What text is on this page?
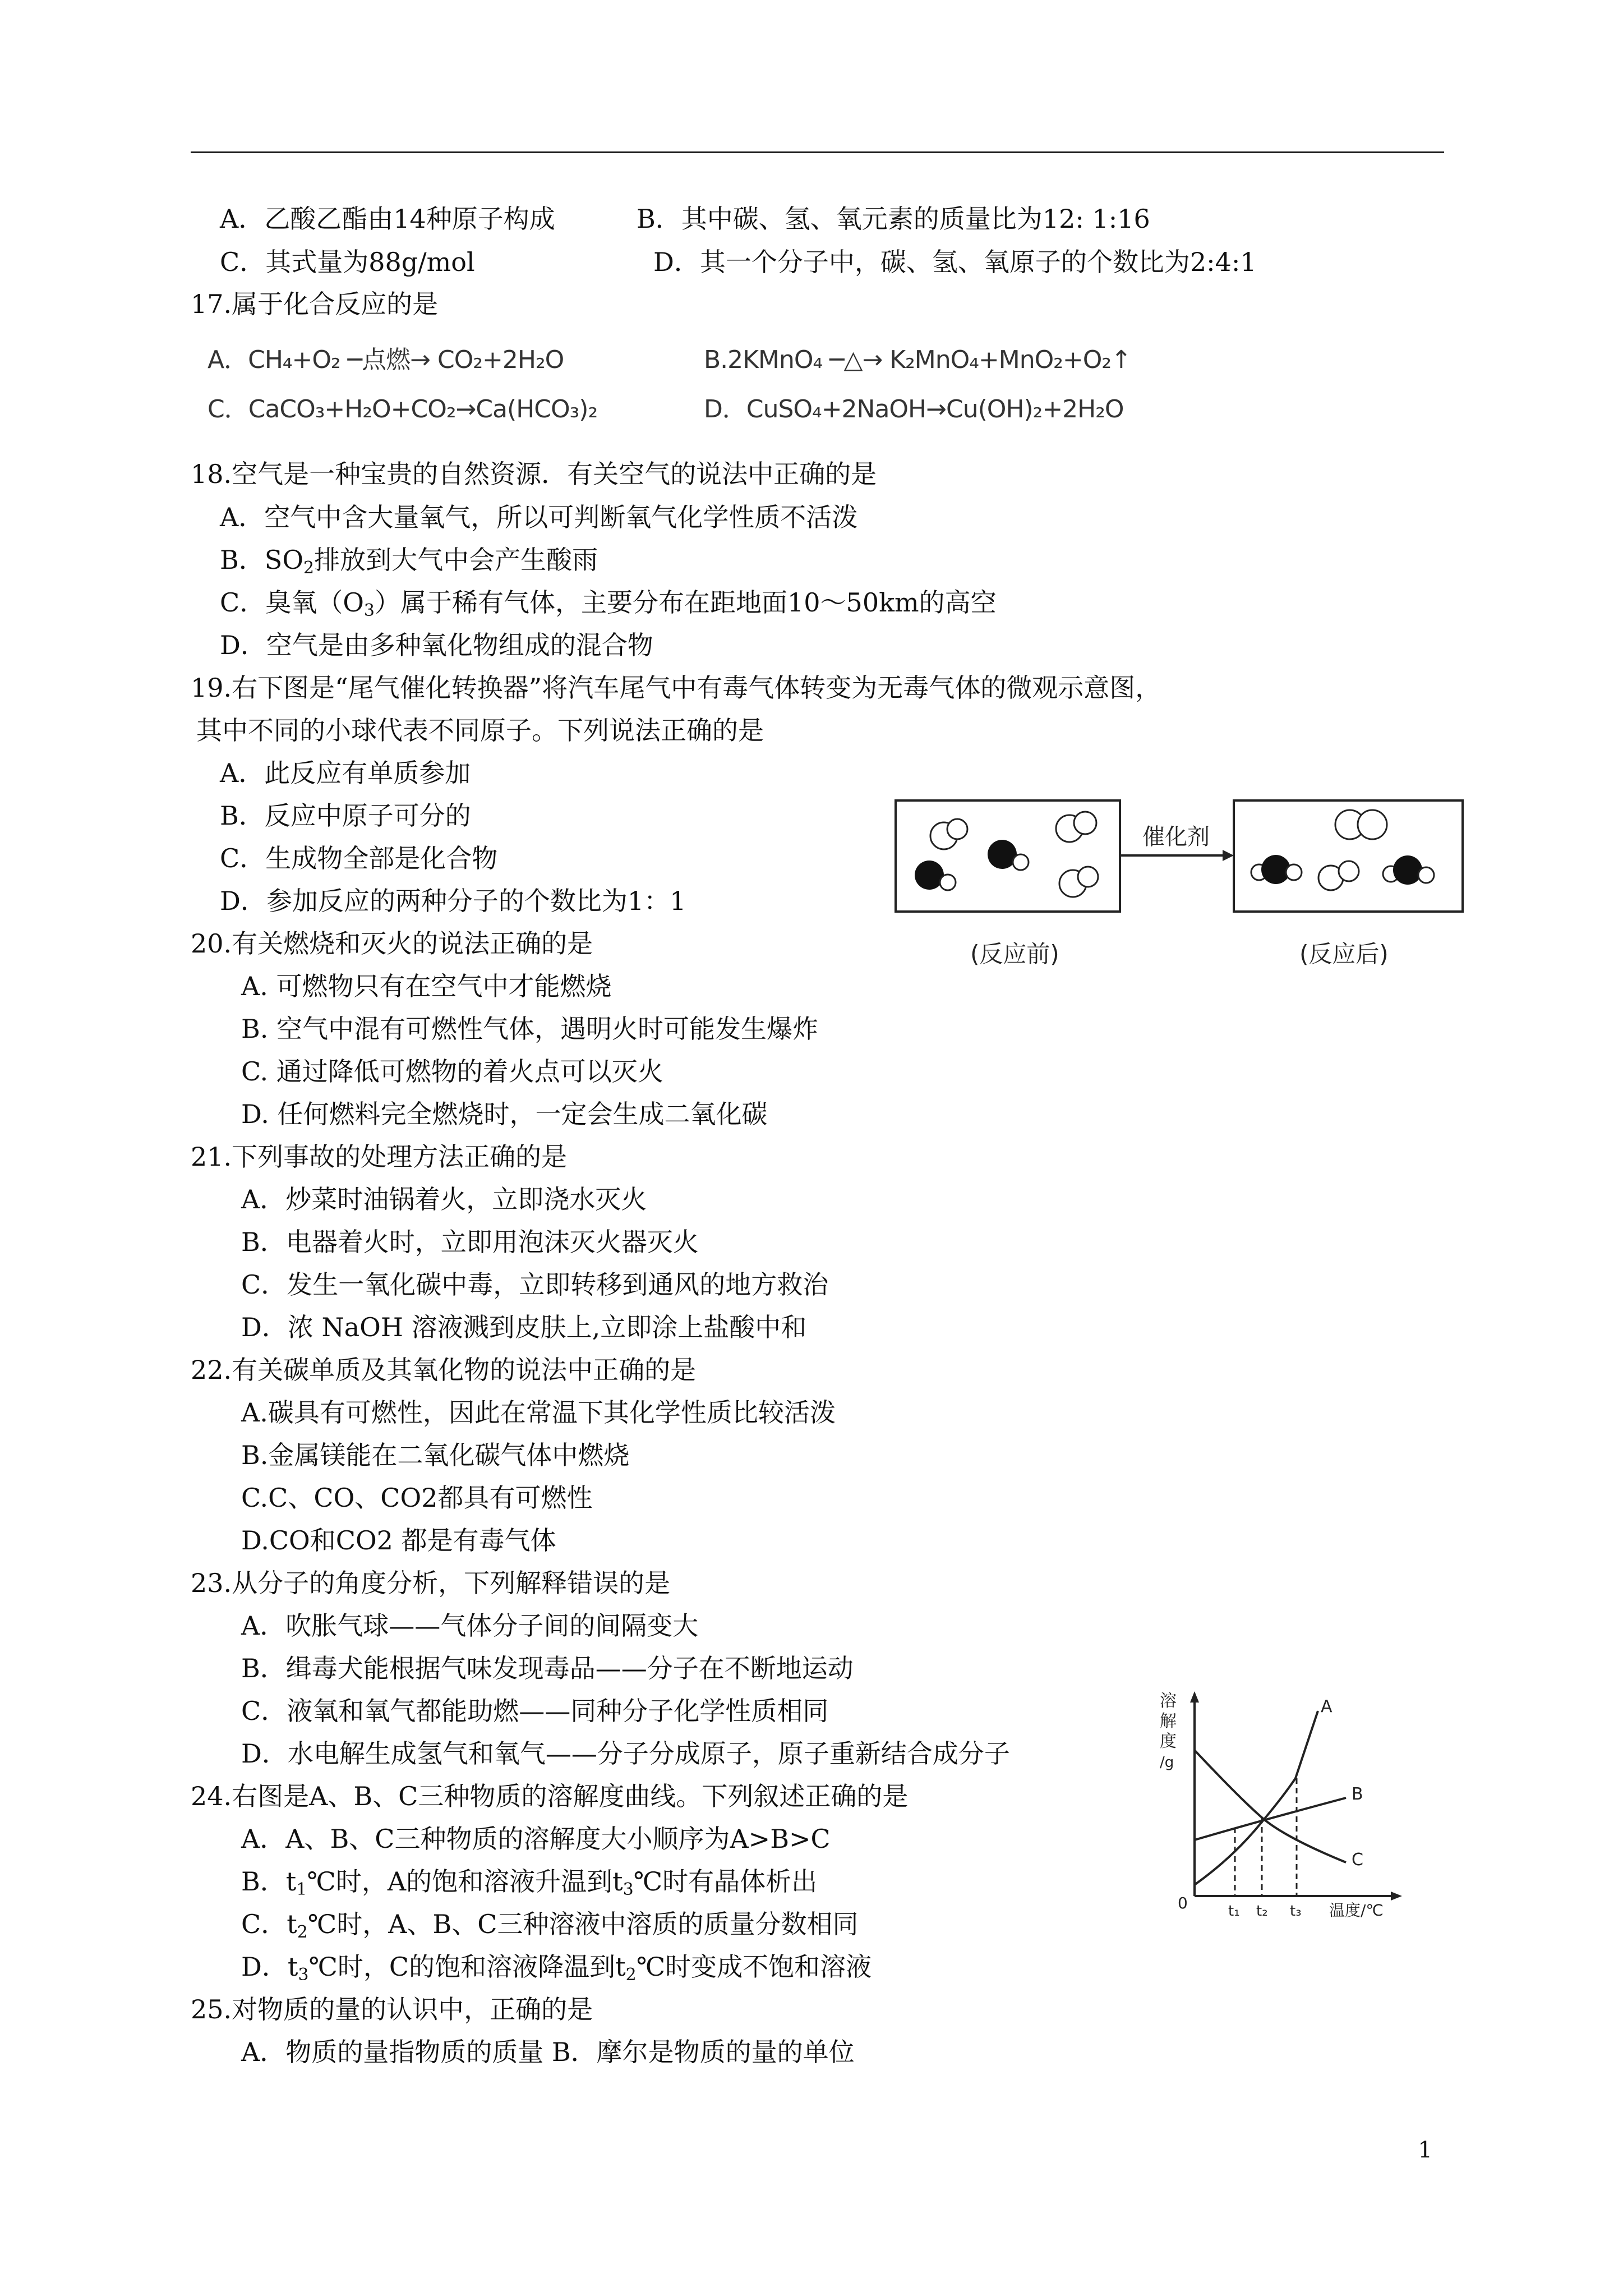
A．乙酸乙酯由14种原子构成	B．其中碳、氢、氧元素的质量比为12: 1:16
C．其式量为88g/mol	D．其一个分子中，碳、氢、氧原子的个数比为2:4:1
17.属于化合反应的是
A．CH₄+O₂ ─点燃→ CO₂+2H₂O	B.2KMnO₄ ─△→ K₂MnO₄+MnO₂+O₂↑
C．CaCO₃+H₂O+CO₂→Ca(HCO₃)₂	D．CuSO₄+2NaOH→Cu(OH)₂+2H₂O
18.空气是一种宝贵的自然资源．有关空气的说法中正确的是
A．空气中含大量氧气，所以可判断氧气化学性质不活泼
B．$SO_2$排放到大气中会产生酸雨
C．臭氧$(O_3)$属于稀有气体，主要分布在距地面10～50km的高空
D．空气是由多种氧化物组成的混合物
19.右下图是“尾气催化转换器”将汽车尾气中有毒气体转变为无毒气体的微观示意图，
其中不同的小球代表不同原子。下列说法正确的是
A．此反应有单质参加
B．反应中原子可分的
C．生成物全部是化合物
D．参加反应的两种分子的个数比为1：1
催化剂
(反应前)	(反应后)
20.有关燃烧和灭火的说法正确的是
A. 可燃物只有在空气中才能燃烧
B. 空气中混有可燃性气体，遇明火时可能发生爆炸
C. 通过降低可燃物的着火点可以灭火
D. 任何燃料完全燃烧时，一定会生成二氧化碳
21.下列事故的处理方法正确的是
A．炒菜时油锅着火，立即浇水灭火
B．电器着火时，立即用泡沫灭火器灭火
C．发生一氧化碳中毒，立即转移到通风的地方救治
D．浓 NaOH 溶液溅到皮肤上,立即涂上盐酸中和
22.有关碳单质及其氧化物的说法中正确的是
A.碳具有可燃性，因此在常温下其化学性质比较活泼
B.金属镁能在二氧化碳气体中燃烧
C.C、CO、CO2都具有可燃性
D.CO和CO2 都是有毒气体
23.从分子的角度分析，下列解释错误的是
A．吹胀气球——气体分子间的间隔变大
B．缉毒犬能根据气味发现毒品——分子在不断地运动
C．液氧和氧气都能助燃——同种分子化学性质相同
D．水电解生成氢气和氧气——分子分成原子，原子重新结合成分子
24.右图是A、B、C三种物质的溶解度曲线。下列叙述正确的是
A．A、B、C三种物质的溶解度大小顺序为A>B>C
B．$t_1℃$时，A的饱和溶液升温到$t_3℃$时有晶体析出
C．$t_2℃$时，A、B、C三种溶液中溶质的质量分数相同
D．$t_3℃$时，C的饱和溶液降温到$t_2℃$时变成不饱和溶液
溶
解
度
/g
0
A
B
C
t₁ t₂ t₃ 温度/℃
25.对物质的量的认识中，正确的是
A．物质的量指物质的质量 B．摩尔是物质的量的单位
1
